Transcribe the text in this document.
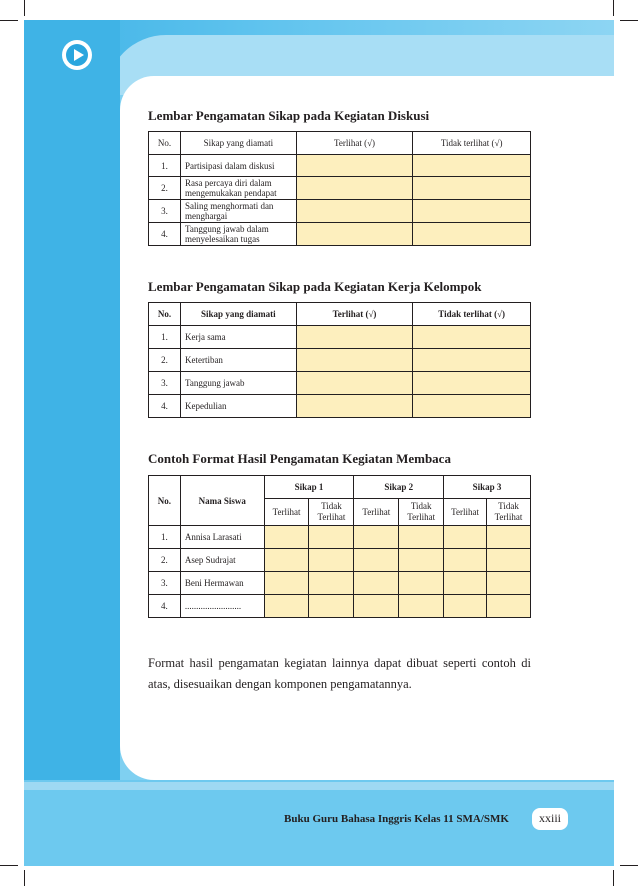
Lembar Pengamatan Sikap pada Kegiatan Diskusi
No.	Sikap yang diamati	Terlihat (√)	Tidak terlihat (√)
1.	Partisipasi dalam diskusi		
2.	Rasa percaya diri dalam mengemukakan pendapat		
3.	Saling menghormati dan menghargai		
4.	Tanggung jawab dalam menyelesaikan tugas		
Lembar Pengamatan Sikap pada Kegiatan Kerja Kelompok
No.	Sikap yang diamati	Terlihat (√)	Tidak terlihat (√)
1.	Kerja sama		
2.	Ketertiban		
3.	Tanggung jawab		
4.	Kepedulian		
Contoh Format Hasil Pengamatan Kegiatan Membaca
No.	Nama Siswa	Sikap 1		Sikap 2		Sikap 3	
		Terlihat	Tidak Terlihat	Terlihat	Tidak Terlihat	Terlihat	Tidak Terlihat
1.	Annisa Larasati						
2.	Asep Sudrajat						
3.	Beni Hermawan						
4.	.........................						

Format hasil pengamatan kegiatan lainnya dapat dibuat seperti contoh di atas, disesuaikan dengan komponen pengamatannya.

Buku Guru Bahasa Inggris Kelas 11 SMA/SMK	xxiii
